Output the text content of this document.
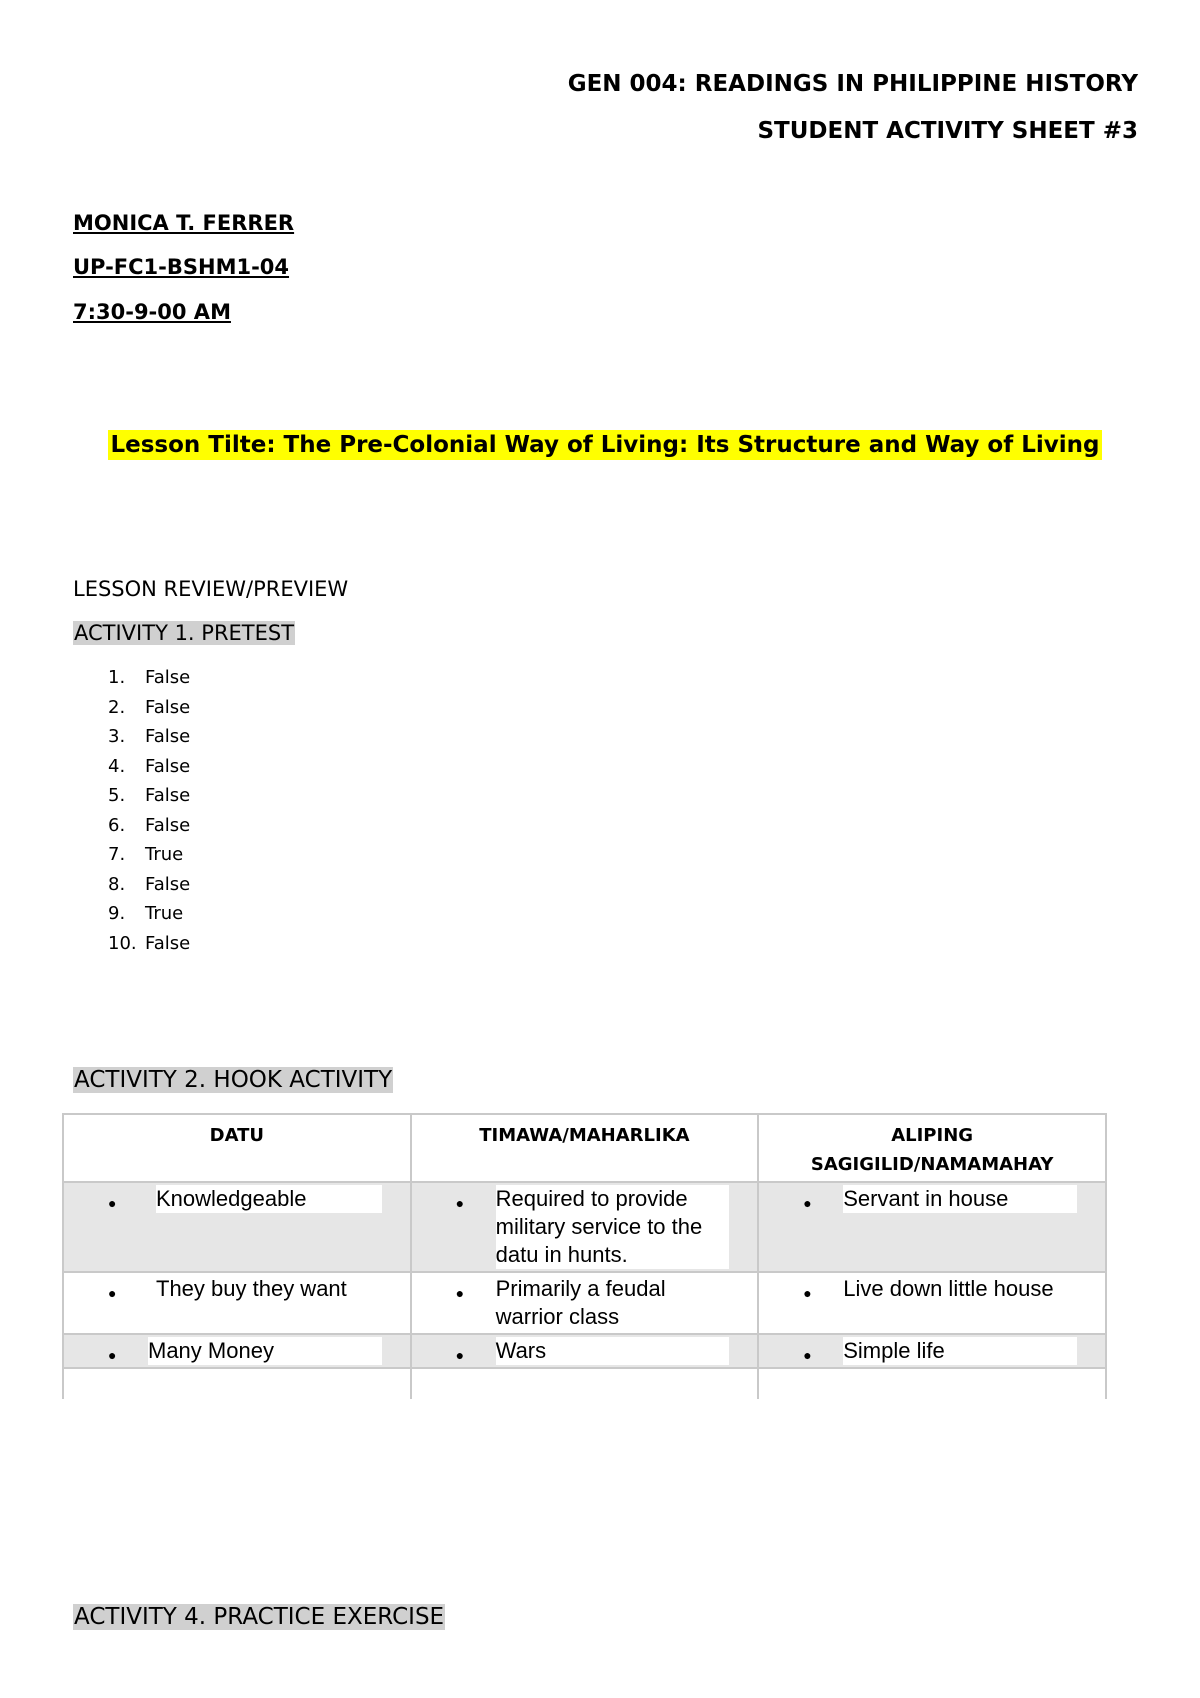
GEN 004: READINGS IN PHILIPPINE HISTORY
STUDENT ACTIVITY SHEET #3
MONICA T. FERRER
UP-FC1-BSHM1-04
7:30-9-00 AM
Lesson Tilte: The Pre-Colonial Way of Living: Its Structure and Way of Living
LESSON REVIEW/PREVIEW
ACTIVITY 1. PRETEST
1.	False
2.	False
3.	False
4.	False
5.	False
6.	False
7.	True
8.	False
9.	True
10. False
ACTIVITY 2. HOOK ACTIVITY
DATU	TIMAWA/MAHARLIKA	ALIPING SAGIGILID/NAMAMAHAY

● Knowledgeable	● Required to provide military service to the datu in hunts.	● Servant in house

● They buy they want	● Primarily a feudal warrior class	● Live down little house

● Many Money	● Wars	● Simple life

ACTIVITY 4. PRACTICE EXERCISE
